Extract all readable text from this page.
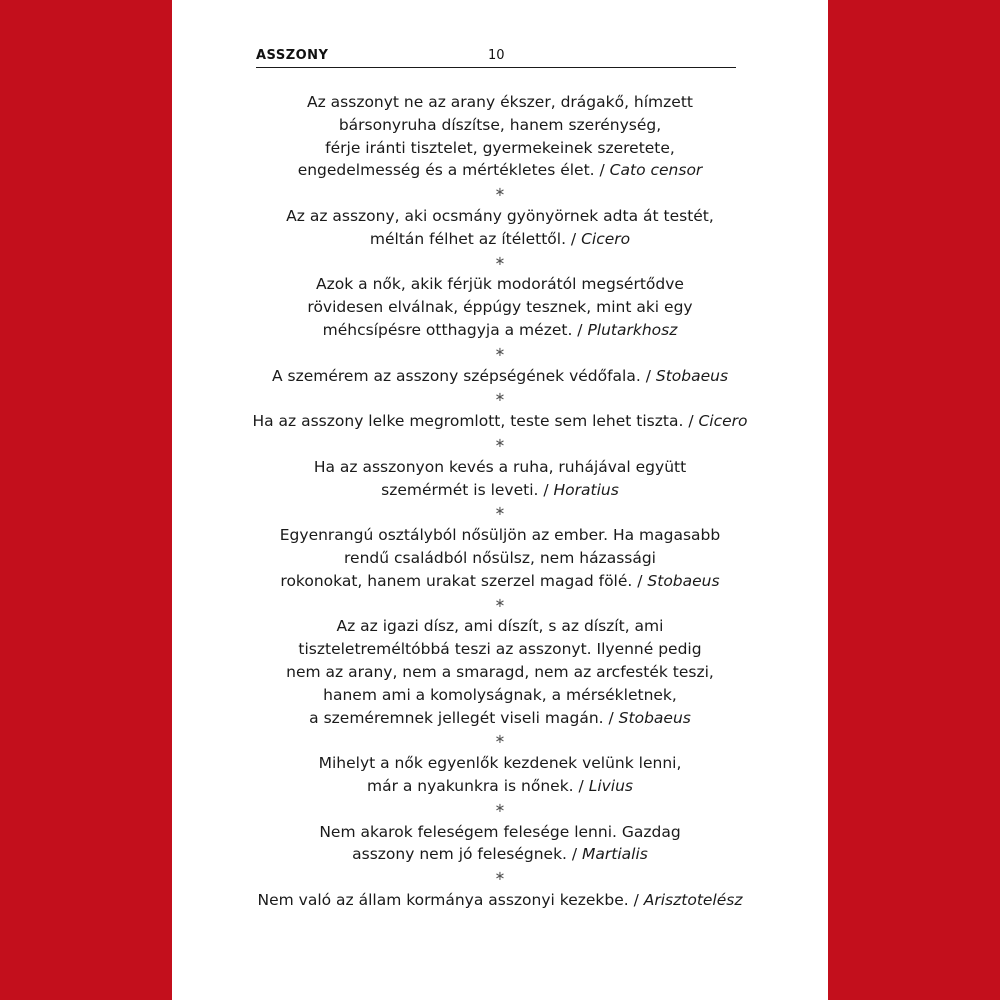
ASSZONY	10
Az asszonyt ne az arany ékszer, drágakő, hímzett
bársonyruha díszítse, hanem szerénység,
férje iránti tisztelet, gyermekeinek szeretete,
engedelmesség és a mértékletes élet. / Cato censor
∗
Az az asszony, aki ocsmány gyönyörnek adta át testét,
méltán félhet az ítélettől. / Cicero
∗
Azok a nők, akik férjük modorától megsértődve
rövidesen elválnak, éppúgy tesznek, mint aki egy
méhcsípésre otthagyja a mézet. / Plutarkhosz
∗
A szemérem az asszony szépségének védőfala. / Stobaeus
∗
Ha az asszony lelke megromlott, teste sem lehet tiszta. / Cicero
∗
Ha az asszonyon kevés a ruha, ruhájával együtt
szemérmét is leveti. / Horatius
∗
Egyenrangú osztályból nősüljön az ember. Ha magasabb
rendű családból nősülsz, nem házassági
rokonokat, hanem urakat szerzel magad fölé. / Stobaeus
∗
Az az igazi dísz, ami díszít, s az díszít, ami
tiszteletreméltóbbá teszi az asszonyt. Ilyenné pedig
nem az arany, nem a smaragd, nem az arcfesték teszi,
hanem ami a komolyságnak, a mérsékletnek,
a szeméremnek jellegét viseli magán. / Stobaeus
∗
Mihelyt a nők egyenlők kezdenek velünk lenni,
már a nyakunkra is nőnek. / Livius
∗
Nem akarok feleségem felesége lenni. Gazdag
asszony nem jó feleségnek. / Martialis
∗
Nem való az állam kormánya asszonyi kezekbe. / Arisztotelész
